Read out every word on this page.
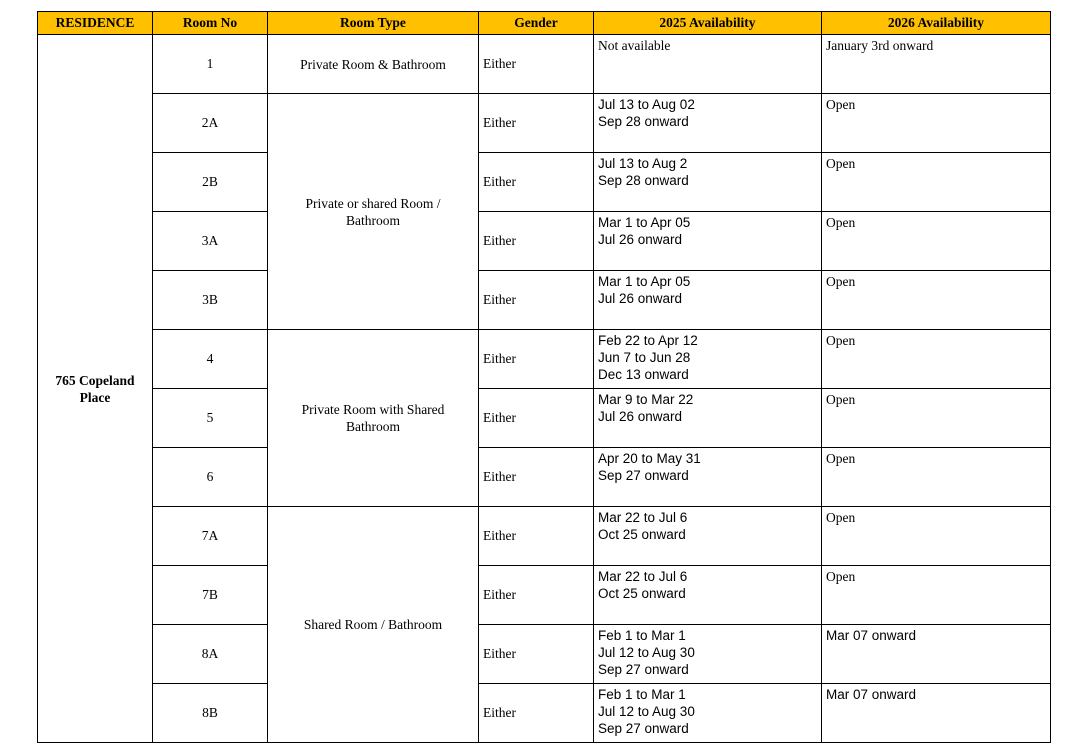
RESIDENCE	Room No	Room Type	Gender	2025 Availability	2026 Availability

765 Copeland
Place	1	Private Room & Bathroom	Either	Not available	January 3rd onward
	2A	Private or shared Room /
Bathroom	Either	Jul 13 to Aug 02
Sep 28 onward	Open
	2B		Either	Jul 13 to Aug 2
Sep 28 onward	Open
	3A		Either	Mar 1 to Apr 05
Jul 26 onward	Open
	3B		Either	Mar 1 to Apr 05
Jul 26 onward	Open
	4	Private Room with Shared
Bathroom	Either	Feb 22 to Apr 12
Jun 7 to Jun 28
Dec 13 onward	Open
	5		Either	Mar 9 to Mar 22
Jul 26 onward	Open
	6		Either	Apr 20 to May 31
Sep 27 onward	Open
	7A	Shared Room / Bathroom	Either	Mar 22 to Jul 6
Oct 25 onward	Open
	7B		Either	Mar 22 to Jul 6
Oct 25 onward	Open
	8A		Either	Feb 1 to Mar 1
Jul 12 to Aug 30
Sep 27 onward	Mar 07 onward
	8B		Either	Feb 1 to Mar 1
Jul 12 to Aug 30
Sep 27 onward	Mar 07 onward
